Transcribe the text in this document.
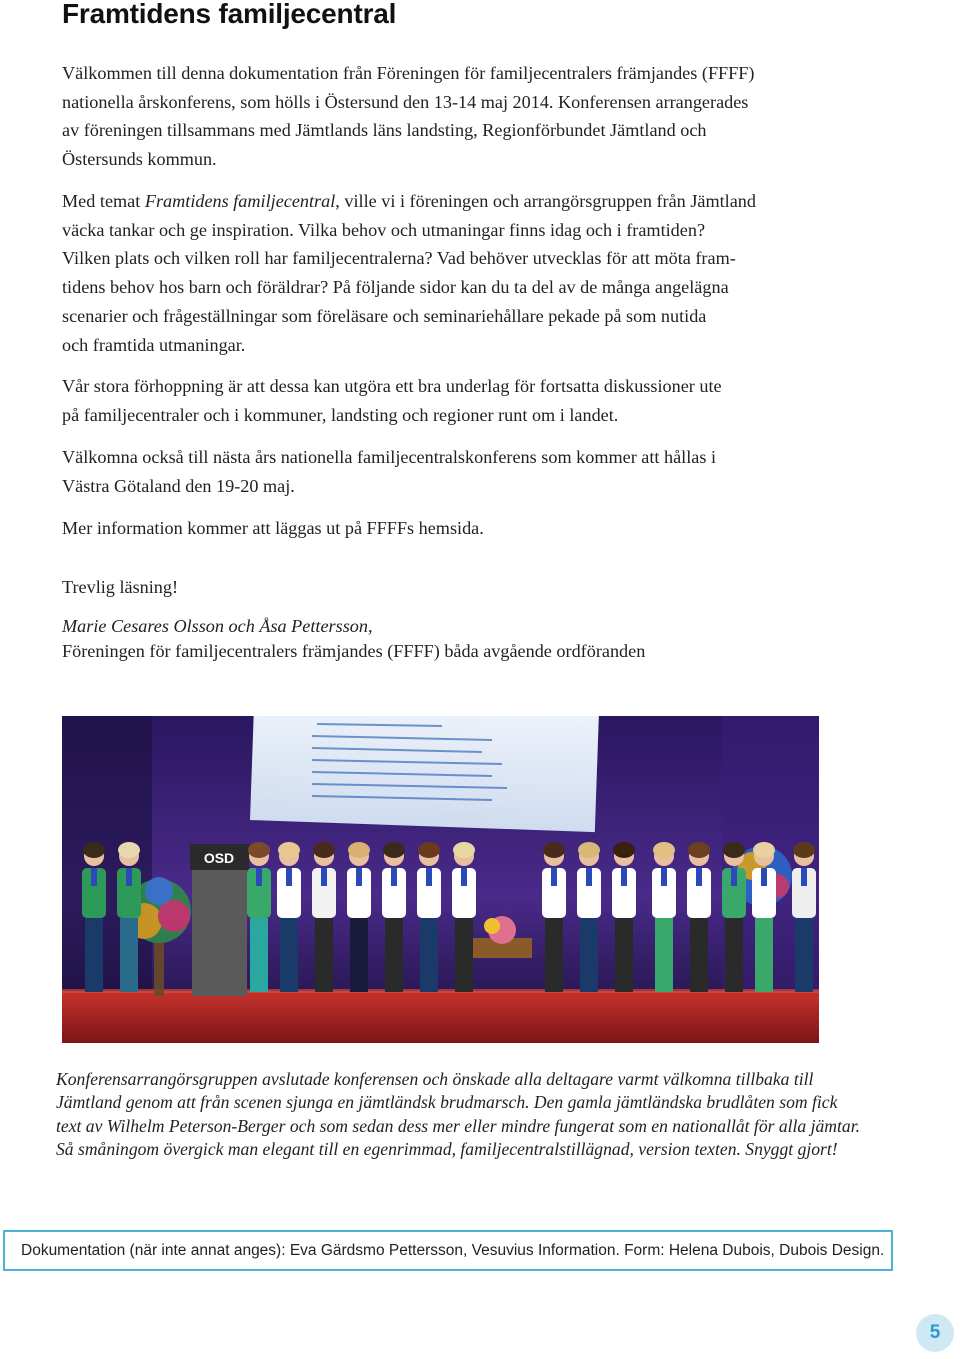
Framtidens familjecentral

Välkommen till denna dokumentation från Föreningen för familjecentralers främjandes (FFFF)
nationella årskonferens, som hölls i Östersund den 13-14 maj 2014. Konferensen arrangerades
av föreningen tillsammans med Jämtlands läns landsting, Regionförbundet Jämtland och
Östersunds kommun.

Med temat Framtidens familjecentral, ville vi i föreningen och arrangörsgruppen från Jämtland
väcka tankar och ge inspiration. Vilka behov och utmaningar finns idag och i framtiden?
Vilken plats och vilken roll har familjecentralerna? Vad behöver utvecklas för att möta fram-
tidens behov hos barn och föräldrar? På följande sidor kan du ta del av de många angelägna
scenarier och frågeställningar som föreläsare och seminariehållare pekade på som nutida
och framtida utmaningar.

Vår stora förhoppning är att dessa kan utgöra ett bra underlag för fortsatta diskussioner ute
på familjecentraler och i kommuner, landsting och regioner runt om i landet.

Välkomna också till nästa års nationella familjecentralskonferens som kommer att hållas i
Västra Götaland den 19-20 maj.

Mer information kommer att läggas ut på FFFFs hemsida.

Trevlig läsning!

Marie Cesares Olsson och Åsa Pettersson,
Föreningen för familjecentralers främjandes (FFFF) båda avgående ordföranden

OSD

Konferensarrangörsgruppen avslutade konferensen och önskade alla deltagare varmt välkomna tillbaka till
Jämtland genom att från scenen sjunga en jämtländsk brudmarsch. Den gamla jämtländska brudlåten som fick
text av Wilhelm Peterson-Berger och som sedan dess mer eller mindre fungerat som en nationallåt för alla jämtar.
Så småningom övergick man elegant till en egenrimmad, familjecentralstillägnad, version texten. Snyggt gjort!

Dokumentation (när inte annat anges): Eva Gärdsmo Pettersson, Vesuvius Information. Form: Helena Dubois, Dubois Design.
5
